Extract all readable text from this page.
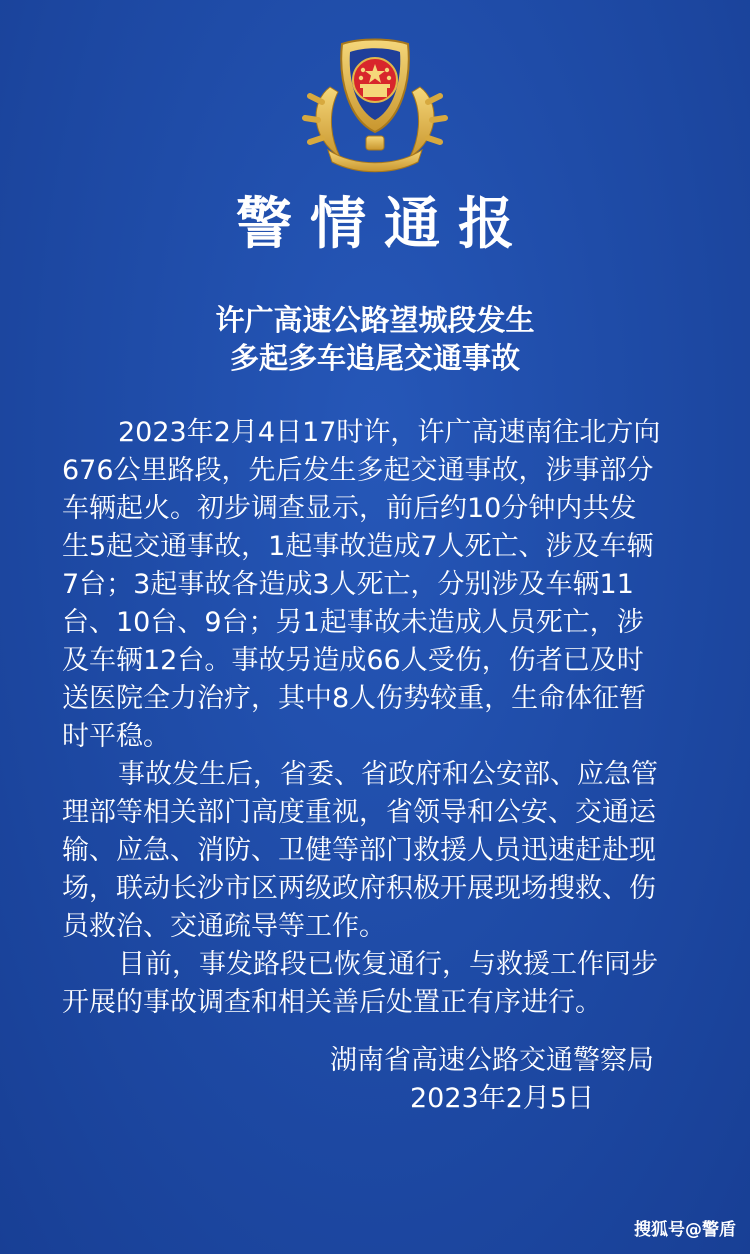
警情通报
许广高速公路望城段发生
多起多车追尾交通事故
2023年2月4日17时许，许广高速南往北方向
676公里路段，先后发生多起交通事故，涉事部分
车辆起火。初步调查显示，前后约10分钟内共发
生5起交通事故，1起事故造成7人死亡、涉及车辆
7台；3起事故各造成3人死亡，分别涉及车辆11
台、10台、9台；另1起事故未造成人员死亡，涉
及车辆12台。事故另造成66人受伤，伤者已及时
送医院全力治疗，其中8人伤势较重，生命体征暂
时平稳。
事故发生后，省委、省政府和公安部、应急管
理部等相关部门高度重视，省领导和公安、交通运
输、应急、消防、卫健等部门救援人员迅速赶赴现
场，联动长沙市区两级政府积极开展现场搜救、伤
员救治、交通疏导等工作。
目前，事发路段已恢复通行，与救援工作同步
开展的事故调查和相关善后处置正有序进行。
湖南省高速公路交通警察局
2023年2月5日
搜狐号@警盾
